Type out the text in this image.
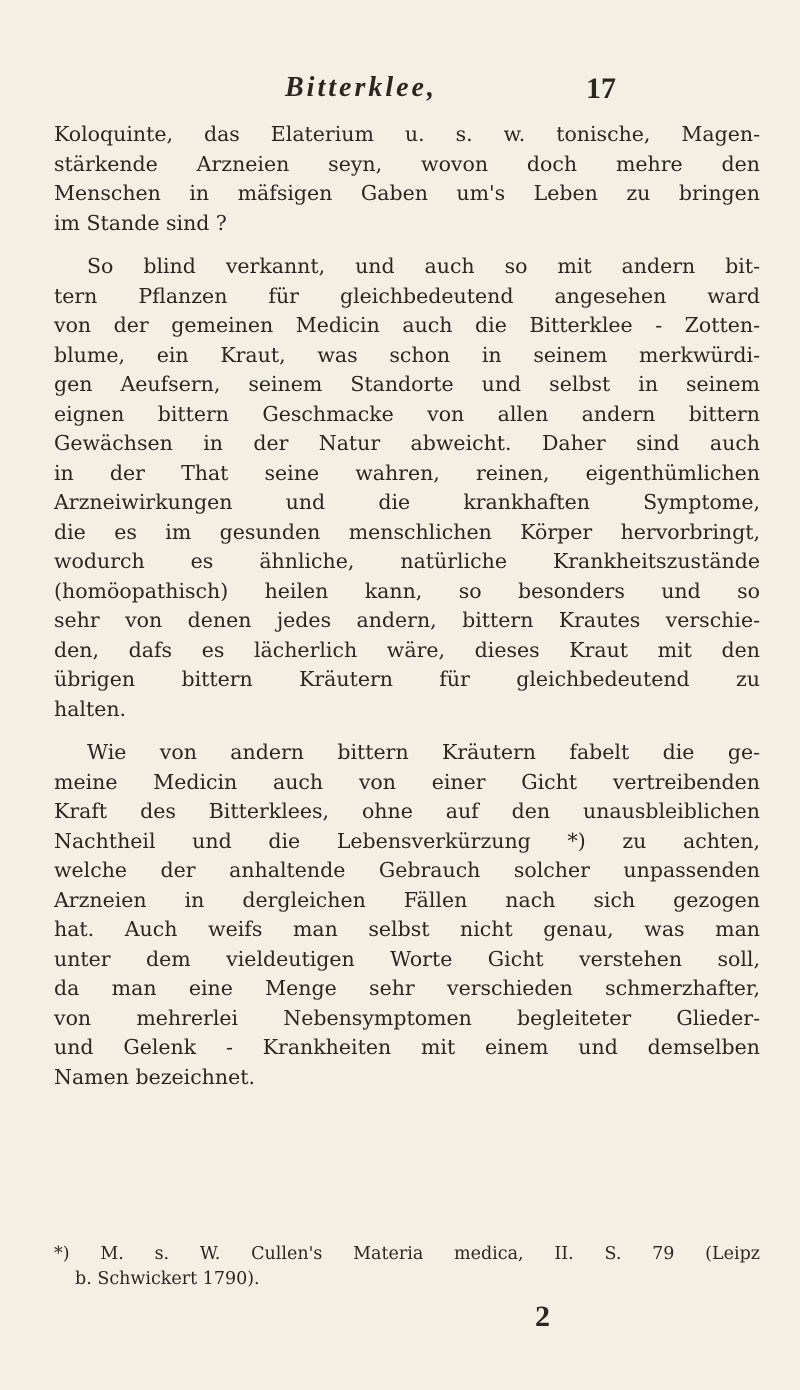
Bitterklee,	17
Koloquinte, das Elaterium u. s. w. tonische, Magen-
stärkende Arzneien seyn, wovon doch mehre den
Menschen in mäfsigen Gaben um's Leben zu bringen
im Stande sind ?
So blind verkannt, und auch so mit andern bit-
tern Pflanzen für gleichbedeutend angesehen ward
von der gemeinen Medicin auch die Bitterklee - Zotten-
blume, ein Kraut, was schon in seinem merkwürdi-
gen Aeufsern, seinem Standorte und selbst in seinem
eignen bittern Geschmacke von allen andern bittern
Gewächsen in der Natur abweicht. Daher sind auch
in der That seine wahren, reinen, eigenthümlichen
Arzneiwirkungen und die krankhaften Symptome,
die es im gesunden menschlichen Körper hervorbringt,
wodurch es ähnliche, natürliche Krankheitszustände
(homöopathisch) heilen kann, so besonders und so
sehr von denen jedes andern, bittern Krautes verschie-
den, dafs es lächerlich wäre, dieses Kraut mit den
übrigen bittern Kräutern für gleichbedeutend zu
halten.
Wie von andern bittern Kräutern fabelt die ge-
meine Medicin auch von einer Gicht vertreibenden
Kraft des Bitterklees, ohne auf den unausbleiblichen
Nachtheil und die Lebensverkürzung *) zu achten,
welche der anhaltende Gebrauch solcher unpassenden
Arzneien in dergleichen Fällen nach sich gezogen
hat. Auch weifs man selbst nicht genau, was man
unter dem vieldeutigen Worte Gicht verstehen soll,
da man eine Menge sehr verschieden schmerzhafter,
von mehrerlei Nebensymptomen begleiteter Glieder-
und Gelenk - Krankheiten mit einem und demselben
Namen bezeichnet.
*) M. s. W. Cullen's Materia medica, II. S. 79 (Leipz
b. Schwickert 1790).
2
